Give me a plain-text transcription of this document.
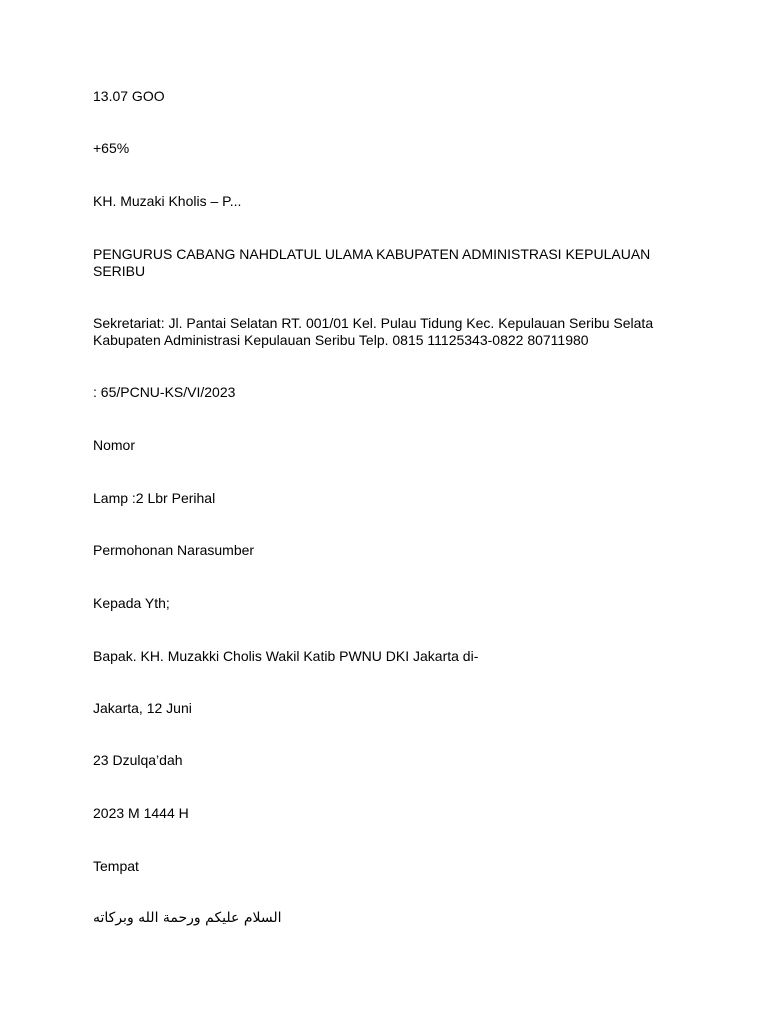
13.07 GOO

+65%

KH. Muzaki Kholis – P...

PENGURUS CABANG NAHDLATUL ULAMA KABUPATEN ADMINISTRASI KEPULAUAN SERIBU

Sekretariat: Jl. Pantai Selatan RT. 001/01 Kel. Pulau Tidung Kec. Kepulauan Seribu Selata Kabupaten Administrasi Kepulauan Seribu Telp. 0815 11125343-0822 80711980

: 65/PCNU-KS/VI/2023

Nomor

Lamp :2 Lbr Perihal

Permohonan Narasumber

Kepada Yth;

Bapak. KH. Muzakki Cholis Wakil Katib PWNU DKI Jakarta di-

Jakarta, 12 Juni

23 Dzulqa’dah

2023 M 1444 H

Tempat

السلام عليكم ورحمة الله وبركاته
